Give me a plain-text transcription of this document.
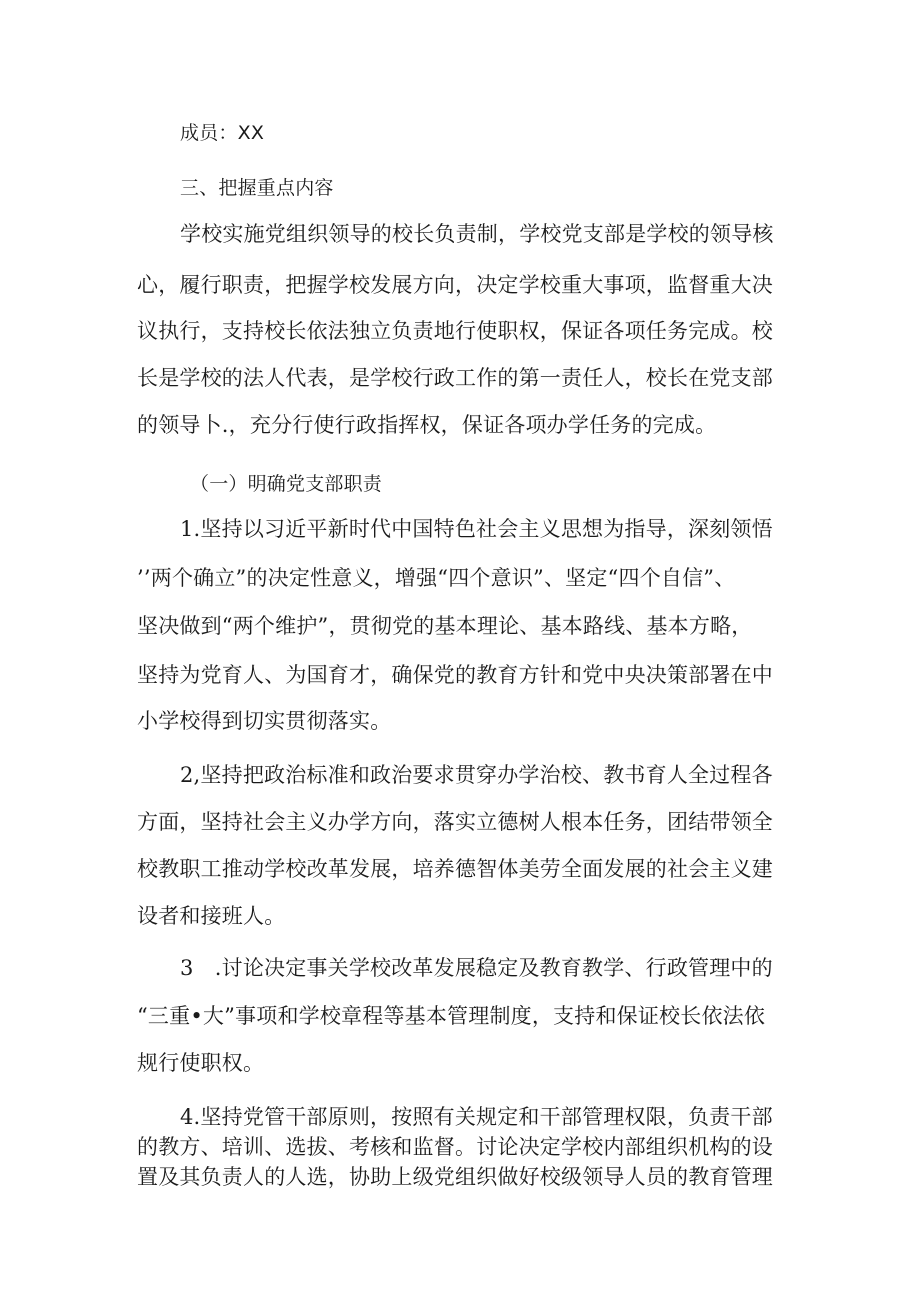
成员：XX
三、把握重点内容
学校实施党组织领导的校长负责制，学校党支部是学校的领导核
心，履行职责，把握学校发展方向，决定学校重大事项，监督重大决
议执行，支持校长依法独立负责地行使职权，保证各项任务完成。校
长是学校的法人代表，是学校行政工作的第一责任人，校长在党支部
的领导卜.，充分行使行政指挥权，保证各项办学任务的完成。
（一）明确党支部职责
1.坚持以习近平新时代中国特色社会主义思想为指导，深刻领悟
’’两个确立”的决定性意义，增强“四个意识”、坚定“四个自信”、
坚决做到“两个维护”，贯彻党的基本理论、基本路线、基本方略，
坚持为党育人、为国育才，确保党的教育方针和党中央决策部署在中
小学校得到切实贯彻落实。
2,坚持把政治标准和政治要求贯穿办学治校、教书育人全过程各
方面，坚持社会主义办学方向，落实立德树人根本任务，团结带领全
校教职工推动学校改革发展，培养德智体美劳全面发展的社会主义建
设者和接班人。
3　.讨论决定事关学校改革发展稳定及教育教学、行政管理中的
“三重•大”事项和学校章程等基本管理制度，支持和保证校长依法依
规行使职权。
4.坚持党管干部原则，按照有关规定和干部管理权限，负责干部
的教方、培训、选拔、考核和监督。讨论决定学校内部组织机构的设
置及其负责人的人选，协助上级党组织做好校级领导人员的教育管理
